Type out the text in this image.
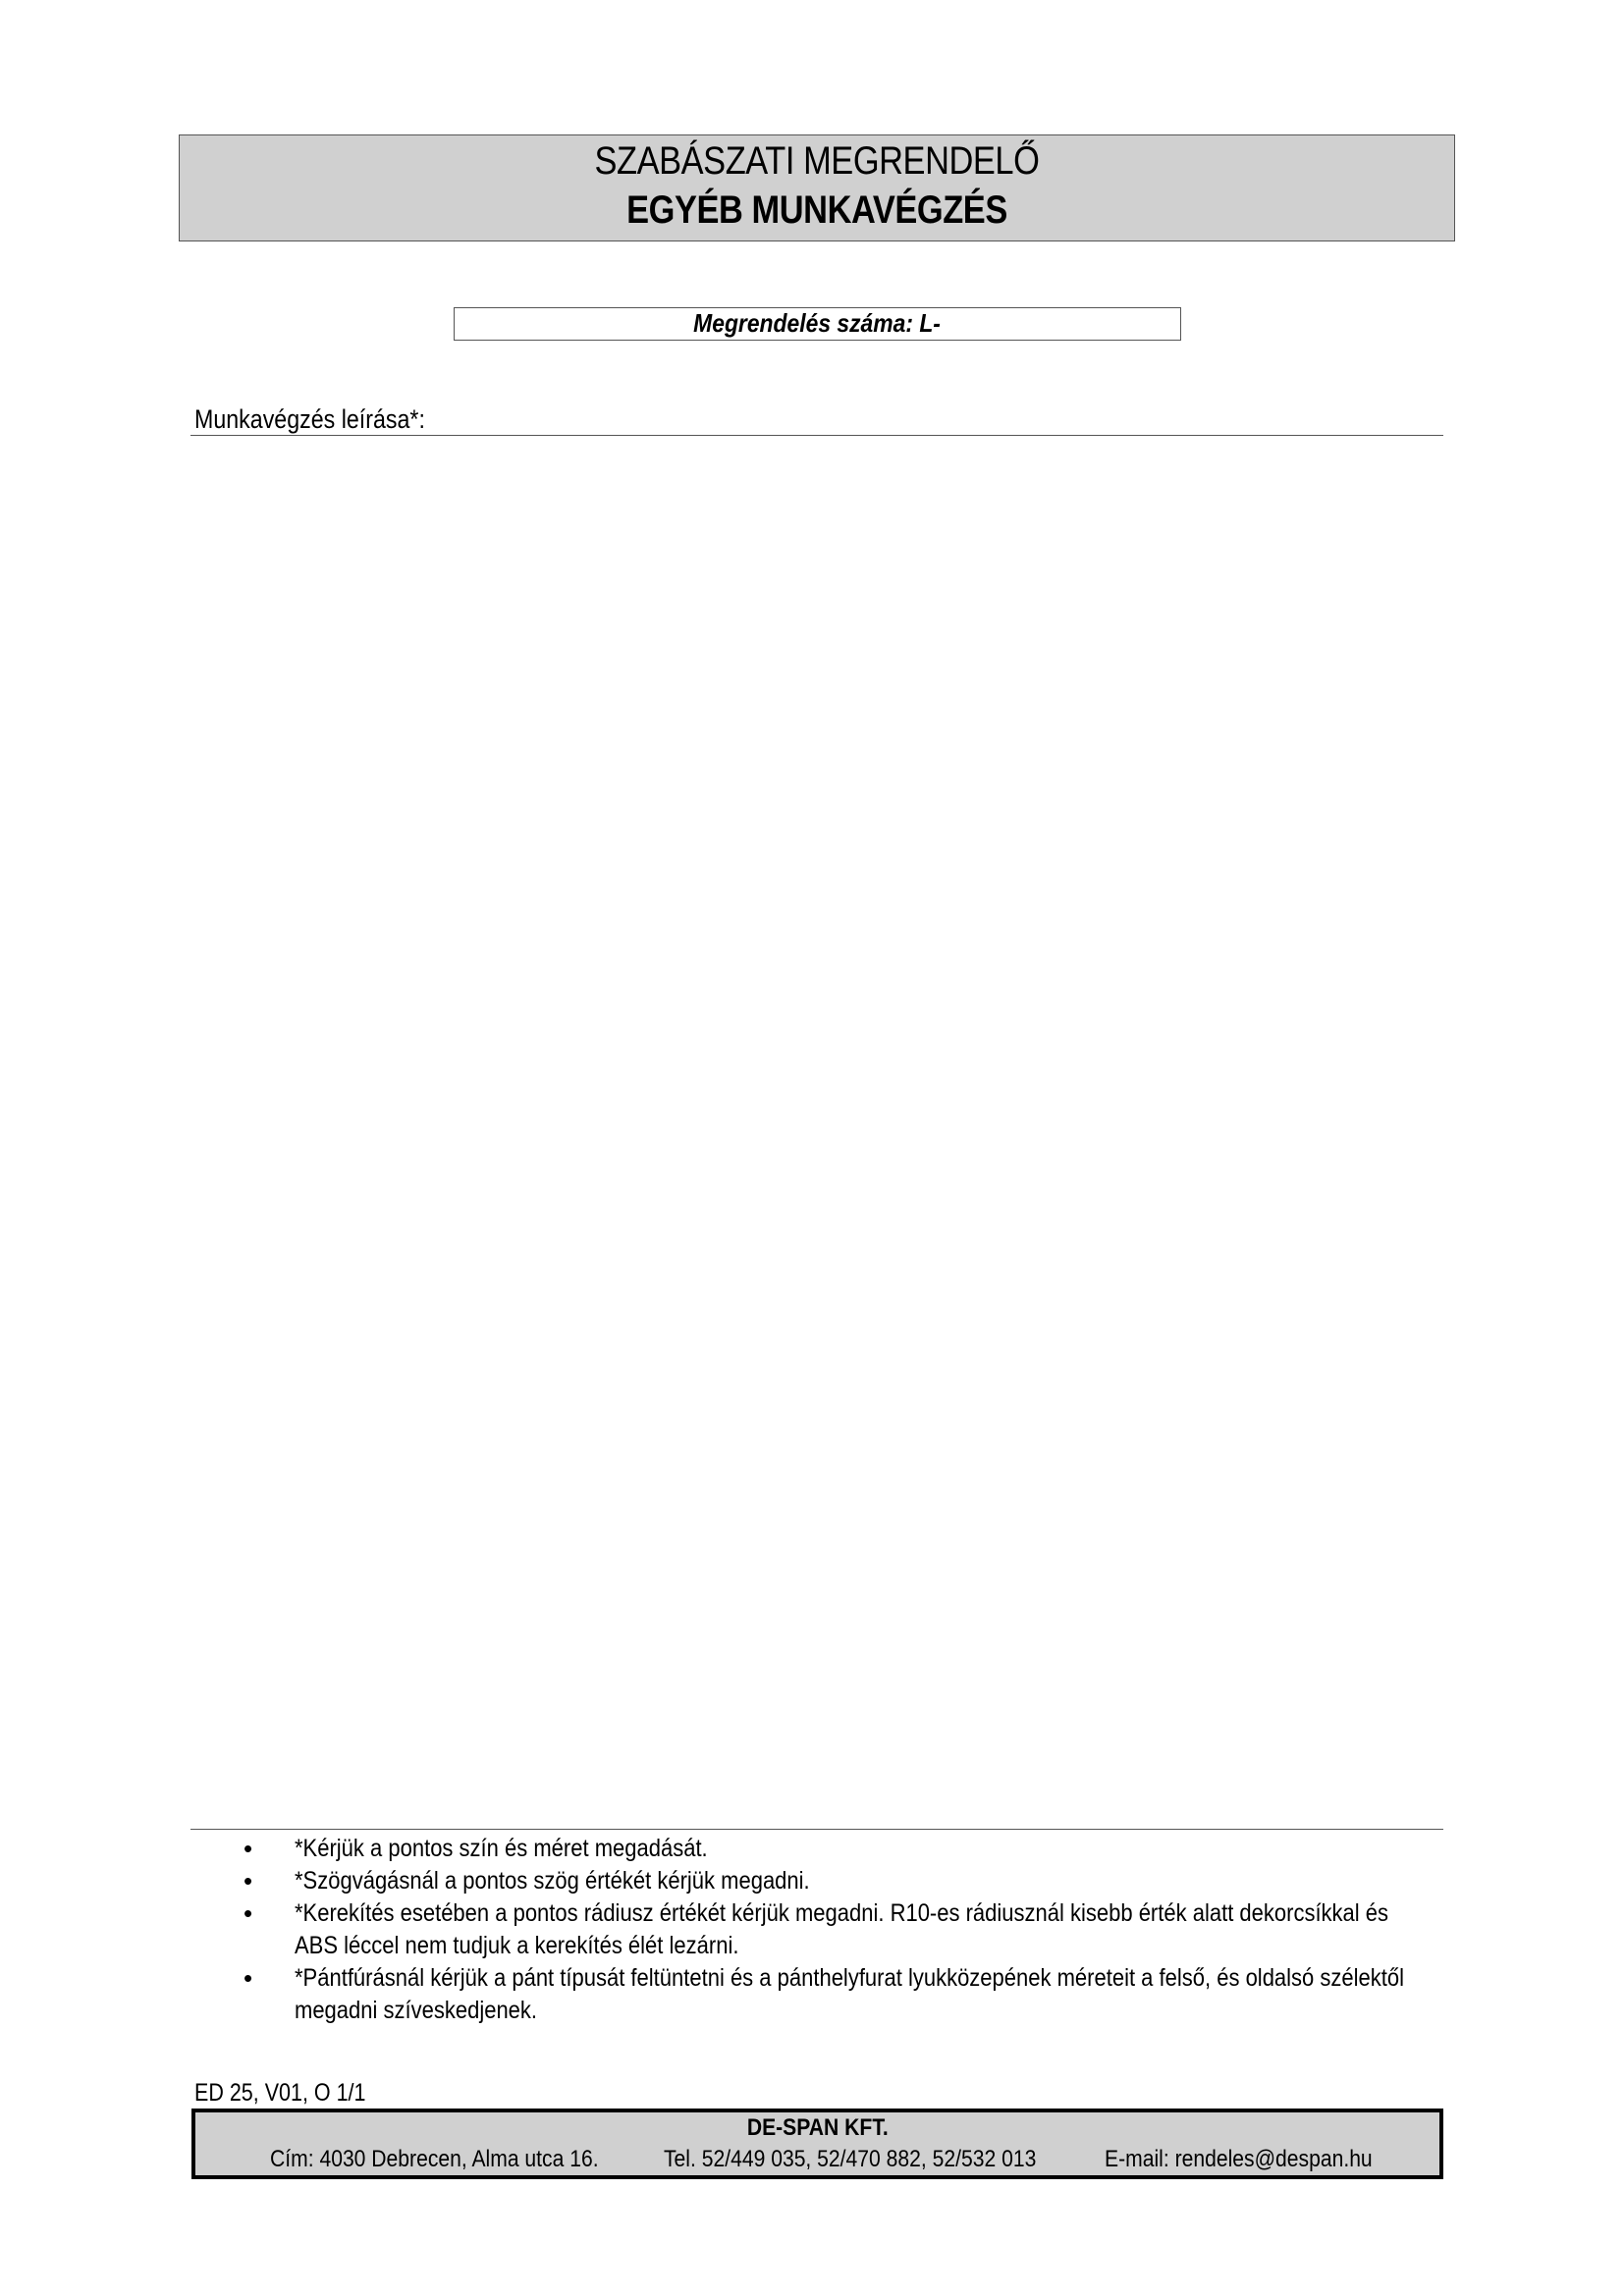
SZABÁSZATI MEGRENDELŐ
EGYÉB MUNKAVÉGZÉS
Megrendelés száma: L-
Munkavégzés leírása*:
• *Kérjük a pontos szín és méret megadását.
• *Szögvágásnál a pontos szög értékét kérjük megadni.
• *Kerekítés esetében a pontos rádiusz értékét kérjük megadni. R10-es rádiusznál kisebb érték alatt dekorcsíkkal és ABS léccel nem tudjuk a kerekítés élét lezárni.
• *Pántfúrásnál kérjük a pánt típusát feltüntetni és a pánthelyfurat lyukközepének méreteit a felső, és oldalsó szélektől megadni szíveskedjenek.
ED 25, V01, O 1/1
DE-SPAN KFT.
Cím: 4030 Debrecen, Alma utca 16.	Tel. 52/449 035, 52/470 882, 52/532 013	E-mail: rendeles@despan.hu
